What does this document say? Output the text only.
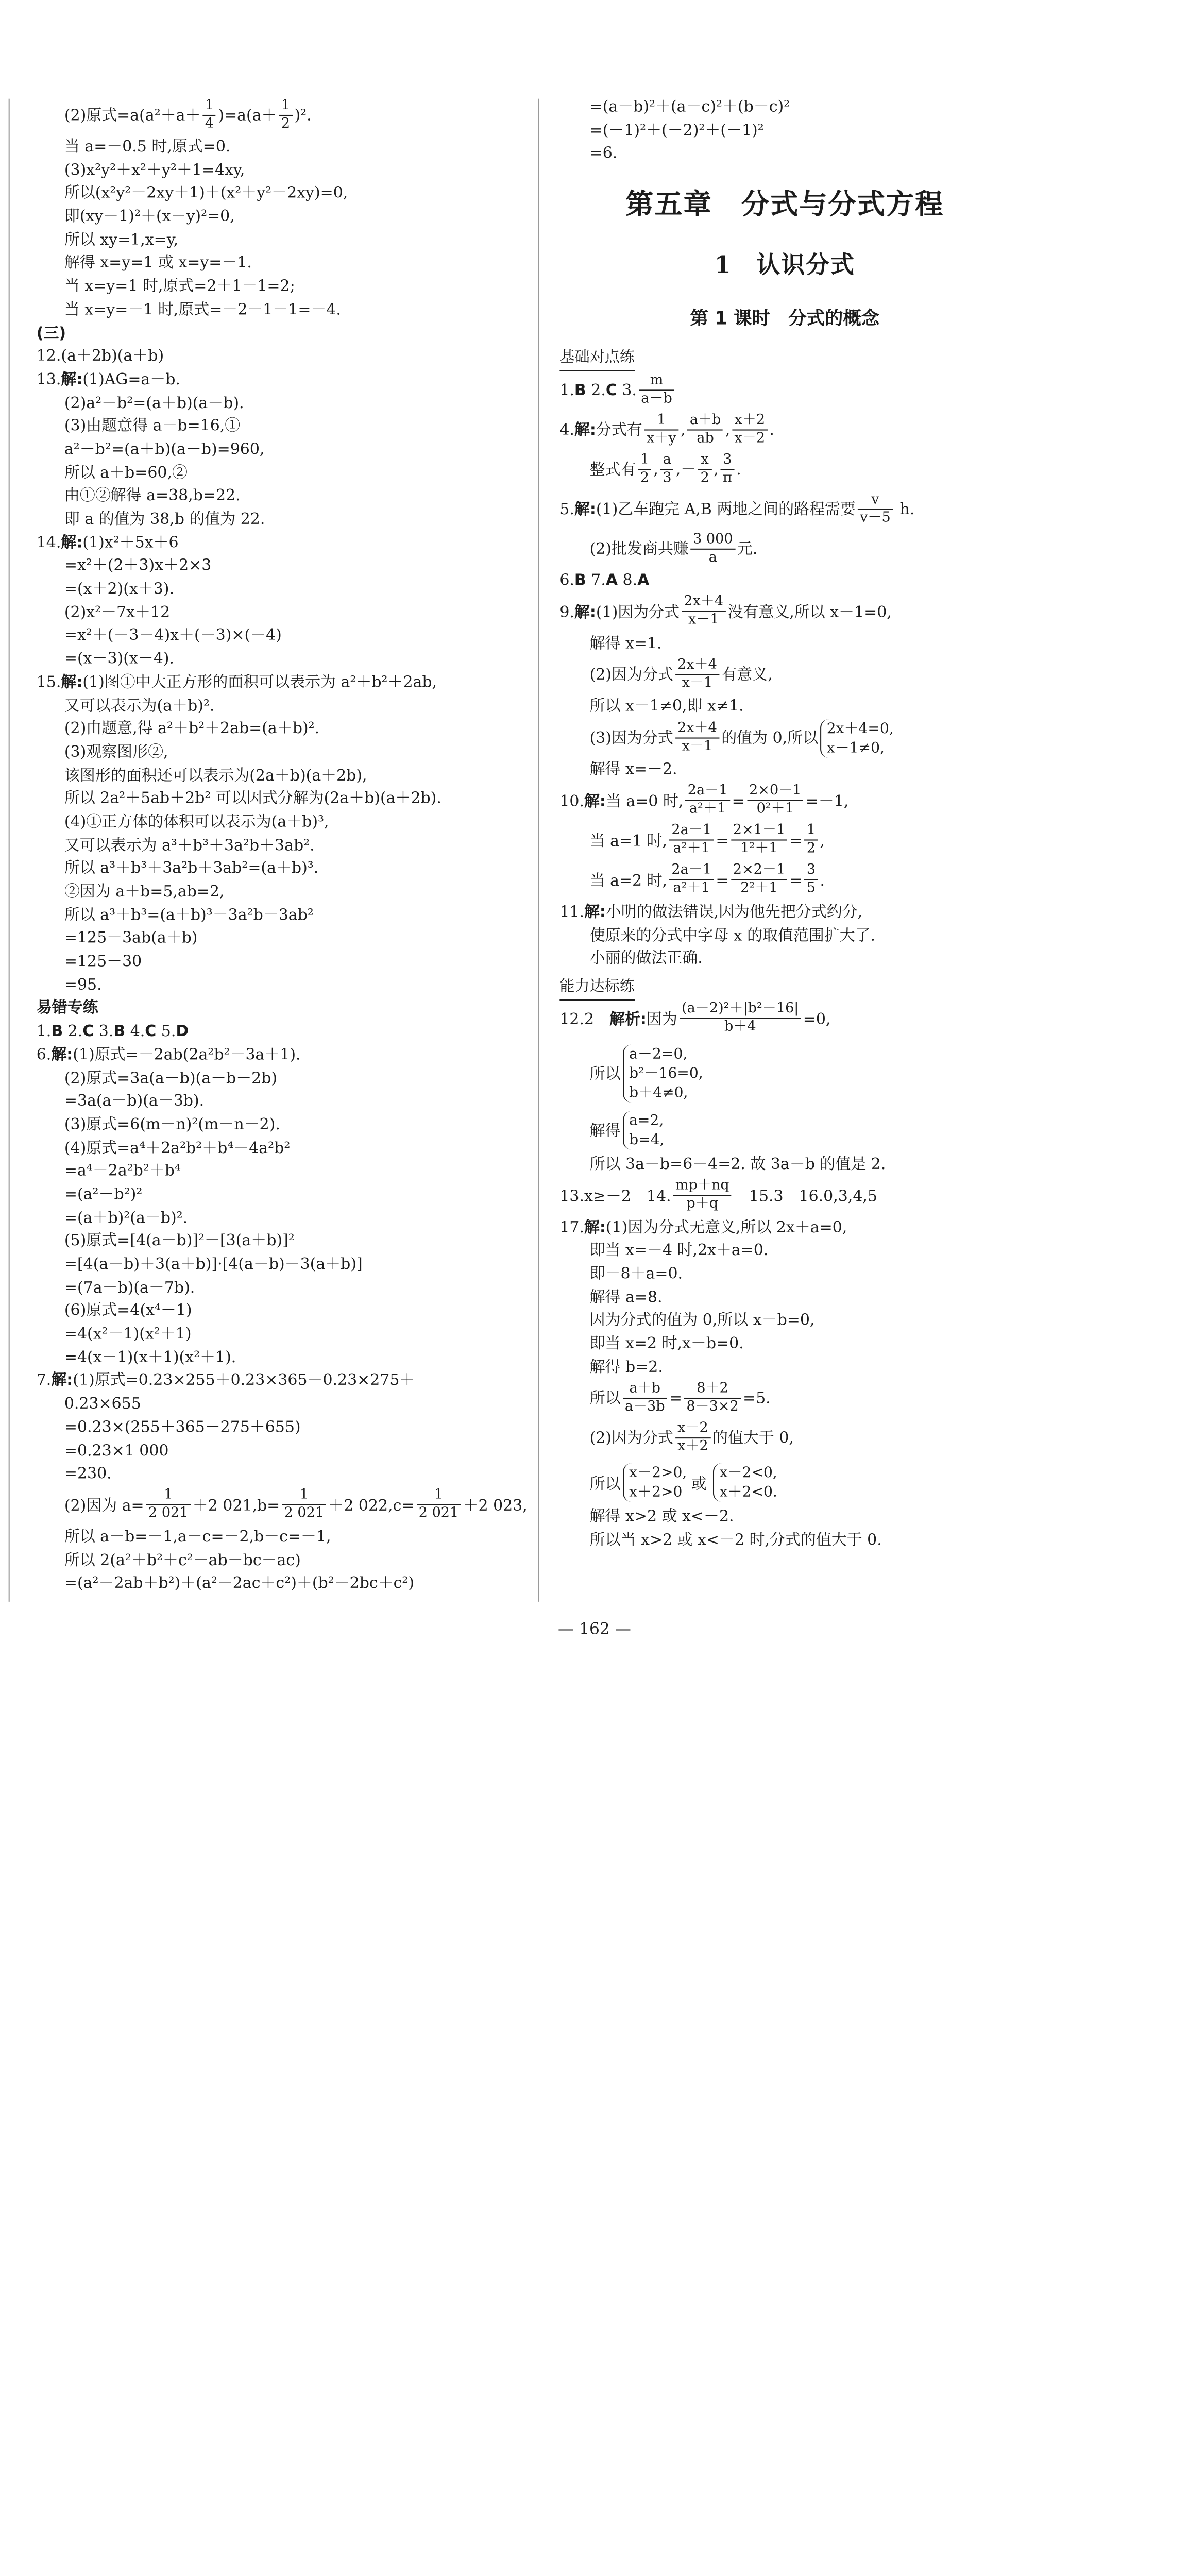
(2)原式$=a(a^2+a+ \frac{1}{4} )=a(a+ \frac{1}{2} )^2$.
当 a=－0.5 时,原式=0.
(3)x²y²＋x²＋y²＋1=4xy,
所以(x²y²－2xy＋1)＋(x²＋y²－2xy)=0,
即(xy－1)²＋(x－y)²=0,
所以 xy=1,x=y,
解得 x=y=1 或 x=y=－1.
当 x=y=1 时,原式=2＋1－1=2;
当 x=y=－1 时,原式=－2－1－1=－4.
(三)
12.(a＋2b)(a＋b)
13.解:(1)AG=a－b.
(2)a²－b²=(a＋b)(a－b).
(3)由题意得 a－b=16,①
a²－b²=(a＋b)(a－b)=960,
所以 a＋b=60,②
由①②解得 a=38,b=22.
即 a 的值为 38,b 的值为 22.
14.解:(1)x²＋5x＋6
=x²＋(2＋3)x＋2×3
=(x＋2)(x＋3).
(2)x²－7x＋12
=x²＋(－3－4)x＋(－3)×(－4)
=(x－3)(x－4).
15.解:(1)图①中大正方形的面积可以表示为 a²＋b²＋2ab,
又可以表示为(a＋b)².
(2)由题意,得 a²＋b²＋2ab=(a＋b)².
(3)观察图形②,
该图形的面积还可以表示为(2a＋b)(a＋2b),
所以 2a²＋5ab＋2b² 可以因式分解为(2a＋b)(a＋2b).
(4)①正方体的体积可以表示为(a＋b)³,
又可以表示为 a³＋b³＋3a²b＋3ab².
所以 a³＋b³＋3a²b＋3ab²=(a＋b)³.
②因为 a＋b=5,ab=2,
所以 a³＋b³=(a＋b)³－3a²b－3ab²
=125－3ab(a＋b)
=125－30
=95.
易错专练
1.B 2.C 3.B 4.C 5.D
6.解:(1)原式=－2ab(2a²b²－3a＋1).
(2)原式=3a(a－b)(a－b－2b)
=3a(a－b)(a－3b).
(3)原式=6(m－n)²(m－n－2).
(4)原式=a⁴＋2a²b²＋b⁴－4a²b²
=a⁴－2a²b²＋b⁴
=(a²－b²)²
=(a＋b)²(a－b)².
(5)原式=[4(a－b)]²－[3(a＋b)]²
=[4(a－b)＋3(a＋b)]·[4(a－b)－3(a＋b)]
=(7a－b)(a－7b).
(6)原式=4(x⁴－1)
=4(x²－1)(x²＋1)
=4(x－1)(x＋1)(x²＋1).
7.解:(1)原式=0.23×255＋0.23×365－0.23×275＋
0.23×655
=0.23×(255＋365－275＋655)
=0.23×1 000
=230.
(2)因为 $a= \frac{1}{2 021} +2$ $021,b= \frac{1}{2 021} +2$ $022,c= \frac{1}{2 021} +2$ 023,
所以 a－b=－1,a－c=－2,b－c=－1,
所以 2(a²＋b²＋c²－ab－bc－ac)
=(a²－2ab＋b²)＋(a²－2ac＋c²)＋(b²－2bc＋c²)
=(a－b)²＋(a－c)²＋(b－c)²
=(－1)²＋(－2)²＋(－1)²
=6.
第五章　分式与分式方程
1　认识分式
第 1 课时　分式的概念
基础对点练
1.B 2.C 3. $\frac{m}{a-b}$
4.解:分式有 $\frac{1}{x+y}$ , $\frac{a+b}{ab}$ , $\frac{x+2}{x-2}$ .
整式有 $\frac{1}{2}$ , $\frac{a}{3}$ ,－ $\frac{x}{2}$ , $\frac{3}{\pi}$ .
5.解:(1)乙车跑完 A,B 两地之间的路程需要 $\frac{v}{v-5} h$.
(2)批发商共赚 $\frac{3 000}{a}$ 元.
6.B 7.A 8.A
9.解:(1)因为分式 $\frac{2x+4}{x-1}$ 没有意义,所以 x－1=0,
解得 x=1.
(2)因为分式 $\frac{2x+4}{x-1}$ 有意义,
所以 x－1≠0,即 x≠1.
(3)因为分式 $\frac{2x+4}{x-1}$ 的值为 0,所以
2x＋4=0,
x－1≠0,
解得 x=－2.
10.解:当 a=0 时, $\frac{2a-1}{\text{a²＋1}} = \frac{2\times 0-1}{\text{0²＋1}} =-1$,
当 a=1 时, $\frac{2a-1}{\text{a²＋1}} = \frac{2\times 1-1}{\text{1²＋1}} = \frac{1}{2}$ ,
当 a=2 时, $\frac{2a-1}{\text{a²＋1}} = \frac{2\times 2-1}{\text{2²＋1}} = \frac{3}{5}$ .
11.解:小明的做法错误,因为他先把分式约分,
使原来的分式中字母 x 的取值范围扩大了.
小丽的做法正确.
能力达标练
12.2　解析:因为 $\frac{\text{(a－2)²＋|b²－16|}}{b+4} =0$,
所以
a－2=0,
b²－16=0,
b＋4≠0,
解得
a=2,
b=4,
所以 3a－b=6－4=2. 故 3a－b 的值是 2.
13.x≥－2　14. $\frac{mp+nq}{p+q}$ 　15.3　16.0,3,4,5
17.解:(1)因为分式无意义,所以 2x＋a=0,
即当 x=－4 时,2x＋a=0.
即－8＋a=0.
解得 a=8.
因为分式的值为 0,所以 x－b=0,
即当 x=2 时,x－b=0.
解得 b=2.
所以 $\frac{a+b}{a-3b} = \frac{8+2}{8-3\times 2} =5$.
(2)因为分式 $\frac{x-2}{x+2}$ 的值大于 0,
所以
x－2>0,
x＋2>0	或
x－2<0,
x＋2<0.
解得 x>2 或 x<－2.
所以当 x>2 或 x<－2 时,分式的值大于 0.
— 162 —
